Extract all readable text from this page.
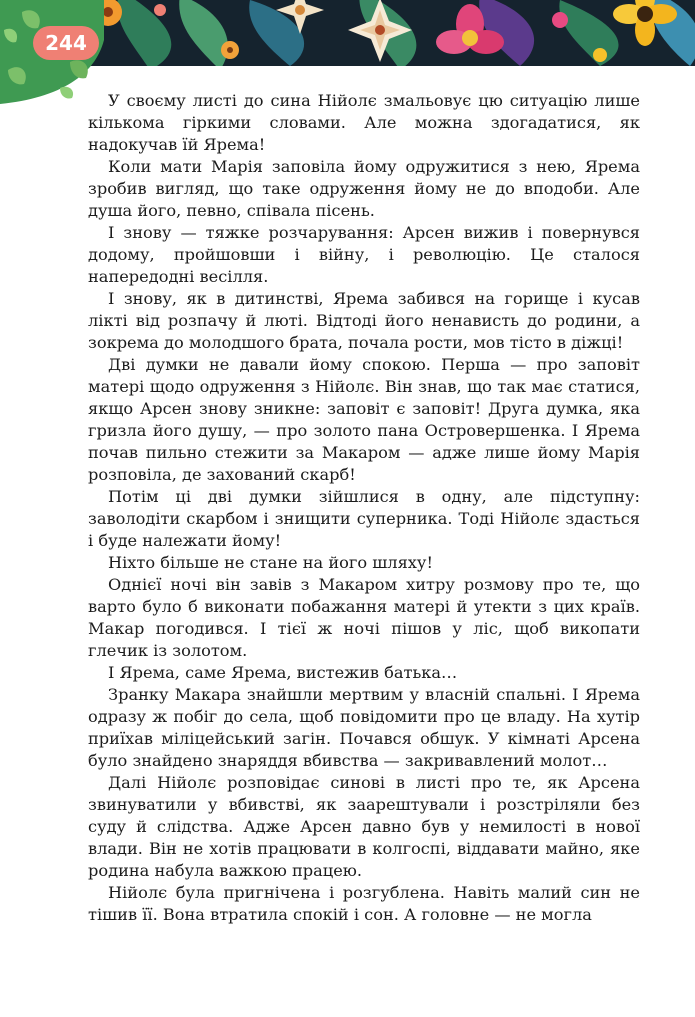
244

У своєму листі до сина Нійолє змальовує цю ситуацію лише кількома гіркими словами. Але можна здогадатися, як надокучав їй Ярема!

Коли мати Марія заповіла йому одружитися з нею, Ярема зробив вигляд, що таке одруження йому не до вподоби. Але душа його, певно, співала пісень.

І знову — тяжке розчарування: Арсен вижив і повернувся додому, пройшовши і війну, і революцію. Це сталося напередодні весілля.

І знову, як в дитинстві, Ярема забився на горище і кусав лікті від розпачу й люті. Відтоді його ненависть до родини, а зокрема до молодшого брата, почала рости, мов тісто в діжці!

Дві думки не давали йому спокою. Перша — про заповіт матері щодо одруження з Нійолє. Він знав, що так має статися, якщо Арсен знову зникне: заповіт є заповіт! Друга думка, яка гризла його душу, — про золото пана Островершенка. І Ярема почав пильно стежити за Макаром — адже лише йому Марія розповіла, де захований скарб!

Потім ці дві думки зійшлися в одну, але підступну: заволодіти скарбом і знищити суперника. Тоді Нійолє здасться і буде належати йому!

Ніхто більше не стане на його шляху!

Однієї ночі він завів з Макаром хитру розмову про те, що варто було б виконати побажання матері й утекти з цих країв. Макар погодився. І тієї ж ночі пішов у ліс, щоб викопати глечик із золотом.

І Ярема, саме Ярема, вистежив батька…

Зранку Макара знайшли мертвим у власній спальні. І Ярема одразу ж побіг до села, щоб повідомити про це владу. На хутір приїхав міліцейський загін. Почався обшук. У кімнаті Арсена було знайдено знаряддя вбивства — закривавлений молот…

Далі Нійолє розповідає синові в листі про те, як Арсена звинуватили у вбивстві, як заарештували і розстріляли без суду й слідства. Адже Арсен давно був у немилості в нової влади. Він не хотів працювати в колгоспі, віддавати майно, яке родина набула важкою працею.

Нійолє була пригнічена і розгублена. Навіть малий син не тішив її. Вона втратила спокій і сон. А головне — не могла
